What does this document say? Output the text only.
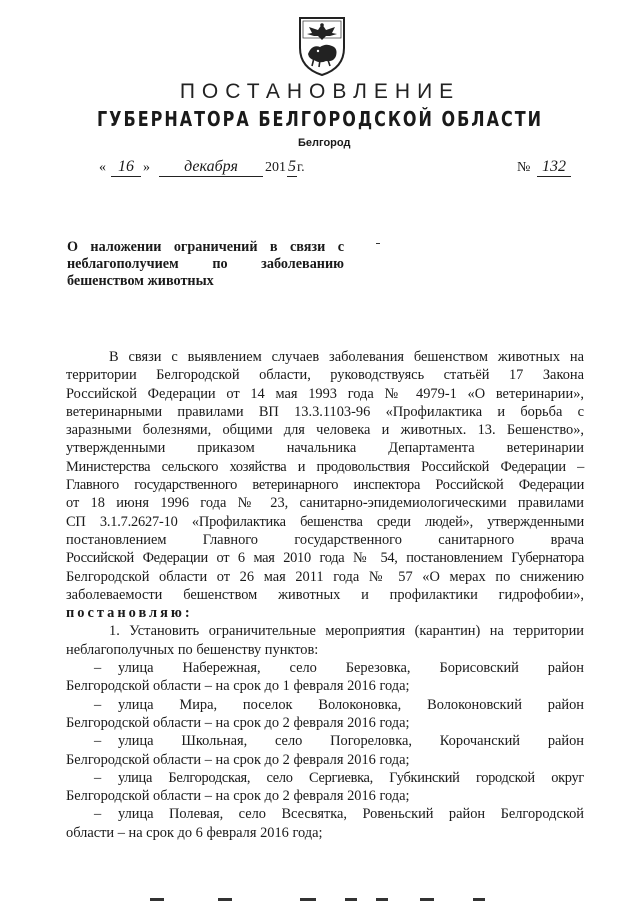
ПОСТАНОВЛЕНИЕ
ГУБЕРНАТОРА БЕЛГОРОДСКОЙ ОБЛАСТИ
Белгород
« 16 »	декабря	201 5 г.	№ 132
О наложении ограничений в связи с
неблагополучием по заболеванию
бешенством животных
В связи с выявлением случаев заболевания бешенством животных на
территории Белгородской области, руководствуясь статьёй 17 Закона
Российской Федерации от 14 мая 1993 года № 4979-1 «О ветеринарии»,
ветеринарными правилами ВП 13.3.1103-96 «Профилактика и борьба с
заразными болезнями, общими для человека и животных. 13. Бешенство»,
утвержденными приказом начальника Департамента ветеринарии
Министерства сельского хозяйства и продовольствия Российской Федерации –
Главного государственного ветеринарного инспектора Российской Федерации
от 18 июня 1996 года № 23, санитарно-эпидемиологическими правилами
СП 3.1.7.2627-10 «Профилактика бешенства среди людей», утвержденными
постановлением Главного государственного санитарного врача
Российской Федерации от 6 мая 2010 года № 54, постановлением Губернатора
Белгородской области от 26 мая 2011 года № 57 «О мерах по снижению
заболеваемости бешенством животных и профилактики гидрофобии»,
постановляю:
1. Установить ограничительные мероприятия (карантин) на территории
неблагополучных по бешенству пунктов:
–	улица Набережная, село Березовка, Борисовский район
Белгородской области – на срок до 1 февраля 2016 года;
–	улица Мира, поселок Волоконовка, Волоконовский район
Белгородской области – на срок до 2 февраля 2016 года;
–	улица Школьная, село Погореловка, Корочанский район
Белгородской области – на срок до 2 февраля 2016 года;
–	улица Белгородская, село Сергиевка, Губкинский городской округ
Белгородской области – на срок до 2 февраля 2016 года;
–	улица Полевая, село Всесвятка, Ровеньский район Белгородской
области – на срок до 6 февраля 2016 года;
